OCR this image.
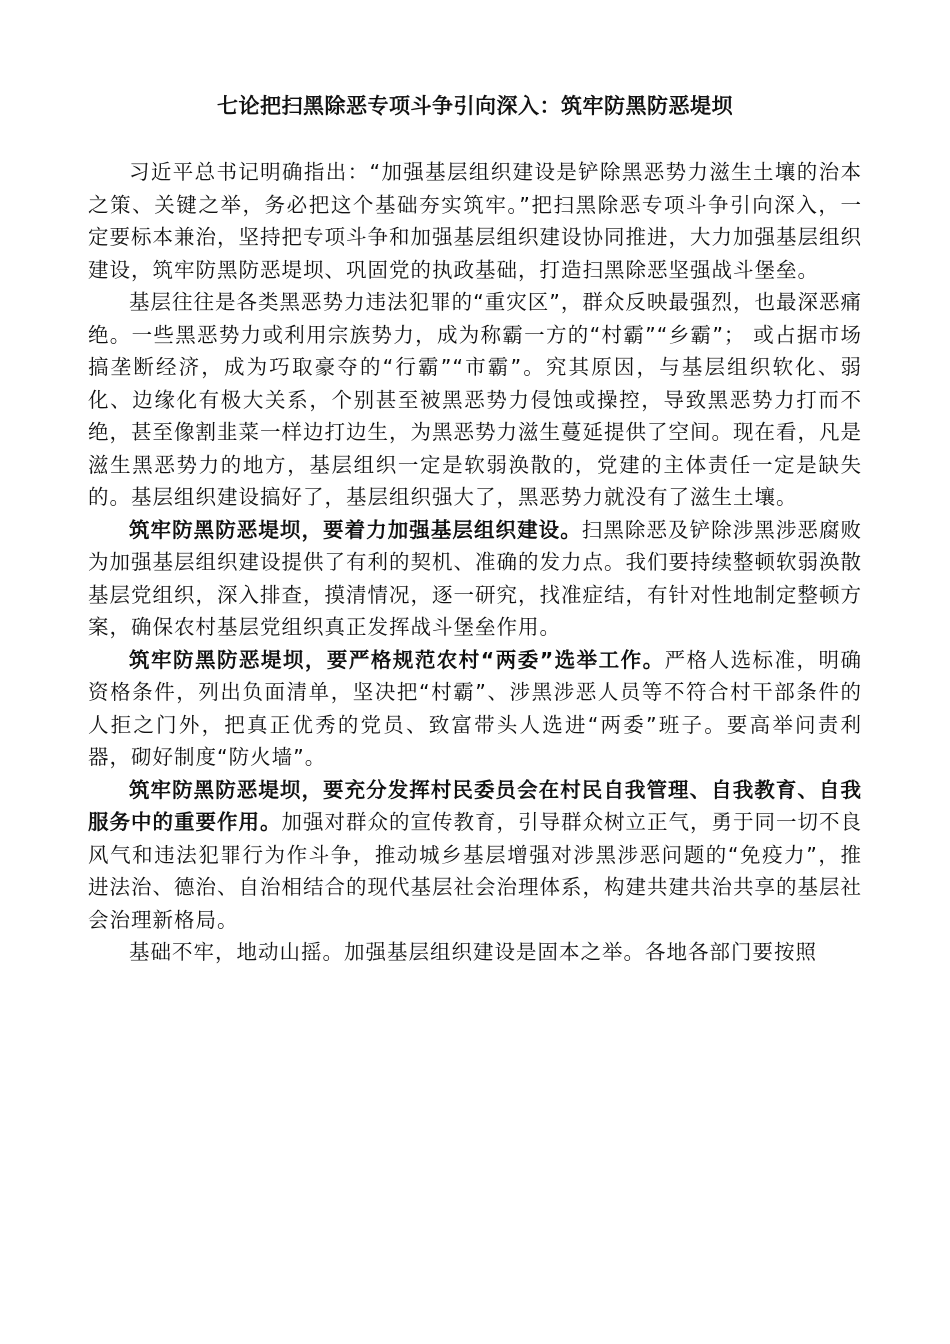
七论把扫黑除恶专项斗争引向深入：筑牢防黑防恶堤坝

习近平总书记明确指出：“加强基层组织建设是铲除黑恶势力滋生土壤的治本之策、关键之举，务必把这个基础夯实筑牢。”把扫黑除恶专项斗争引向深入，一定要标本兼治，坚持把专项斗争和加强基层组织建设协同推进，大力加强基层组织建设，筑牢防黑防恶堤坝、巩固党的执政基础，打造扫黑除恶坚强战斗堡垒。

基层往往是各类黑恶势力违法犯罪的“重灾区”，群众反映最强烈，也最深恶痛绝。一些黑恶势力或利用宗族势力，成为称霸一方的“村霸”“乡霸”； 或占据市场搞垄断经济，成为巧取豪夺的“行霸”“市霸”。究其原因，与基层组织软化、弱化、边缘化有极大关系，个别甚至被黑恶势力侵蚀或操控，导致黑恶势力打而不绝，甚至像割韭菜一样边打边生，为黑恶势力滋生蔓延提供了空间。现在看，凡是滋生黑恶势力的地方，基层组织一定是软弱涣散的，党建的主体责任一定是缺失的。基层组织建设搞好了，基层组织强大了，黑恶势力就没有了滋生土壤。

筑牢防黑防恶堤坝，要着力加强基层组织建设。扫黑除恶及铲除涉黑涉恶腐败为加强基层组织建设提供了有利的契机、准确的发力点。我们要持续整顿软弱涣散基层党组织，深入排查，摸清情况，逐一研究，找准症结，有针对性地制定整顿方案，确保农村基层党组织真正发挥战斗堡垒作用。

筑牢防黑防恶堤坝，要严格规范农村“两委”选举工作。严格人选标准，明确资格条件，列出负面清单，坚决把“村霸”、涉黑涉恶人员等不符合村干部条件的人拒之门外，把真正优秀的党员、致富带头人选进“两委”班子。要高举问责利器，砌好制度“防火墙”。

筑牢防黑防恶堤坝，要充分发挥村民委员会在村民自我管理、自我教育、自我服务中的重要作用。加强对群众的宣传教育，引导群众树立正气，勇于同一切不良风气和违法犯罪行为作斗争，推动城乡基层增强对涉黑涉恶问题的“免疫力”，推进法治、德治、自治相结合的现代基层社会治理体系，构建共建共治共享的基层社会治理新格局。

基础不牢，地动山摇。加强基层组织建设是固本之举。各地各部门要按照
